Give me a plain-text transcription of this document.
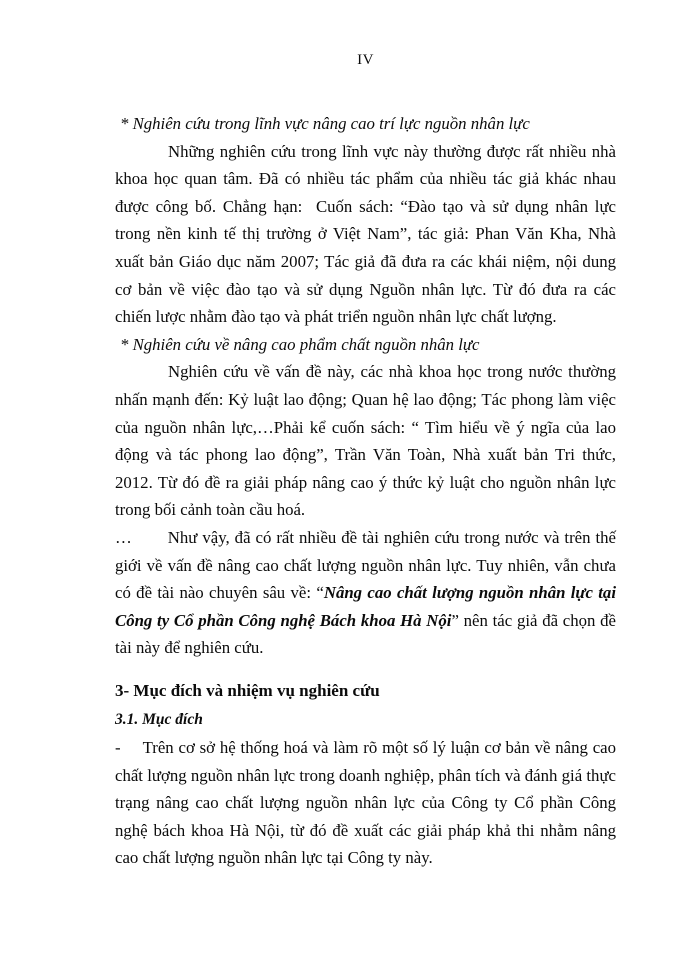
IV
* Nghiên cứu trong lĩnh vực nâng cao trí lực nguồn nhân lực
Những nghiên cứu trong lĩnh vực này thường được rất nhiều nhà khoa học quan tâm. Đã có nhiều tác phẩm của nhiều tác giả khác nhau được công bố. Chẳng hạn:  Cuốn sách: “Đào tạo và sử dụng nhân lực trong nền kinh tế thị trường ở Việt Nam”, tác giả: Phan Văn Kha, Nhà xuất bản Giáo dục năm 2007; Tác giả đã đưa ra các khái niệm, nội dung cơ bản về việc đào tạo và sử dụng Nguồn nhân lực. Từ đó đưa ra các chiến lược nhằm đào tạo và phát triển nguồn nhân lực chất lượng.
* Nghiên cứu về nâng cao phẩm chất nguồn nhân lực
Nghiên cứu về vấn đề này, các nhà khoa học trong nước thường nhấn mạnh đến: Kỷ luật lao động; Quan hệ lao động; Tác phong làm việc của nguồn nhân lực,…Phải kể cuốn sách: “ Tìm hiểu về ý ngĩa của lao động và tác phong lao động”, Trần Văn Toàn, Nhà xuất bản Tri thức, 2012. Từ đó đề ra giải pháp nâng cao ý thức kỷ luật cho nguồn nhân lực trong bối cảnh toàn cầu hoá.
… Như vậy, đã có rất nhiều đề tài nghiên cứu trong nước và trên thế giới về vấn đề nâng cao chất lượng nguồn nhân lực. Tuy nhiên, vẫn chưa có đề tài nào chuyên sâu về: “Nâng cao chất lượng nguồn nhân lực tại Công ty Cổ phần Công nghệ Bách khoa Hà Nội” nên tác giả đã chọn đề tài này để nghiên cứu.
3- Mục đích và nhiệm vụ nghiên cứu
3.1. Mục đích
- Trên cơ sở hệ thống hoá và làm rõ một số lý luận cơ bản về nâng cao chất lượng nguồn nhân lực trong doanh nghiệp, phân tích và đánh giá thực trạng nâng cao chất lượng nguồn nhân lực của Công ty Cổ phần Công nghệ bách khoa Hà Nội, từ đó đề xuất các giải pháp khả thi nhằm nâng cao chất lượng nguồn nhân lực tại Công ty này.
